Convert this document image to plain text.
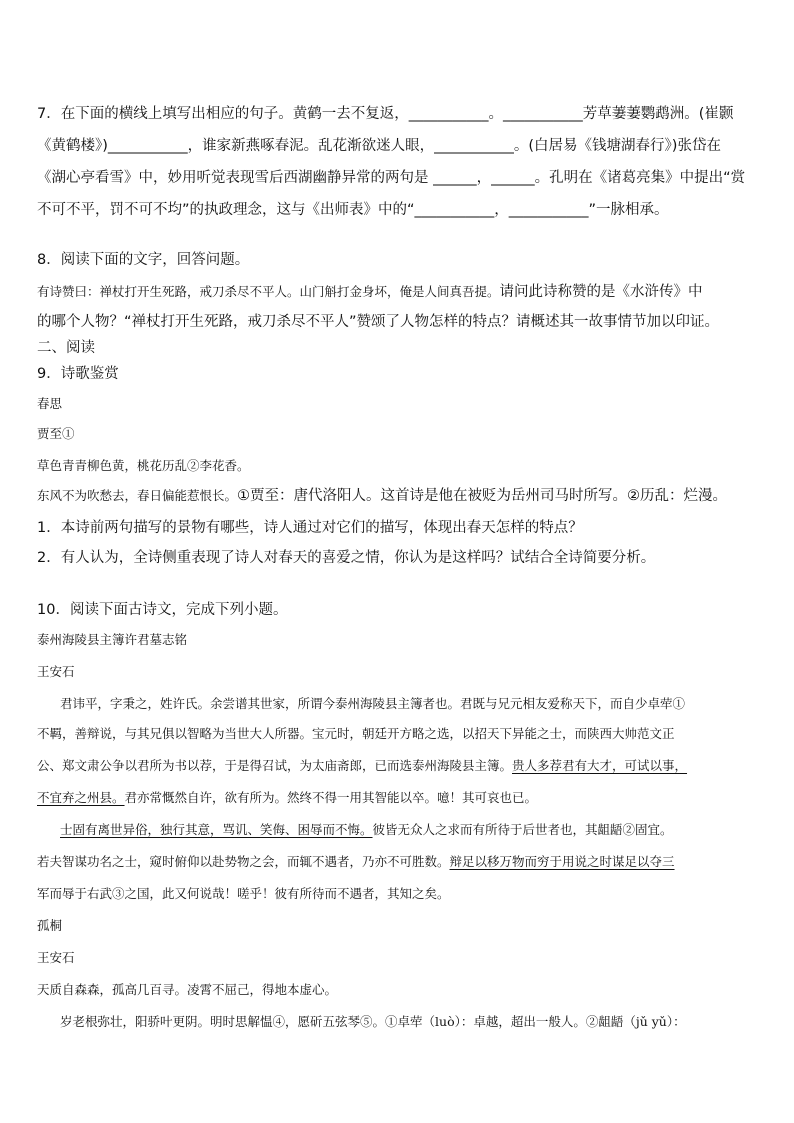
7．在下面的横线上填写出相应的句子。黄鹤一去不复返，___________。___________芳草萋萋鹦鹉洲。(崔颢
《黄鹤楼》)___________，谁家新燕啄春泥。乱花渐欲迷人眼，___________。(白居易《钱塘湖春行》)张岱在
《湖心亭看雪》中，妙用听觉表现雪后西湖幽静异常的两句是 ______，______。孔明在《诸葛亮集》中提出“赏
不可不平，罚不可不均”的执政理念，这与《出师表》中的“___________，___________”一脉相承。
8．阅读下面的文字，回答问题。
有诗赞曰：禅杖打开生死路，戒刀杀尽不平人。山门斛打金身坏，俺是人间真吾提。请问此诗称赞的是《水浒传》中
的哪个人物？“禅杖打开生死路，戒刀杀尽不平人”赞颂了人物怎样的特点？请概述其一故事情节加以印证。
二、阅读
9．诗歌鉴赏
春思
贾至①
草色青青柳色黄，桃花历乱②李花香。
东风不为吹愁去，春日偏能惹恨长。①贾至：唐代洛阳人。这首诗是他在被贬为岳州司马时所写。②历乱：烂漫。
1．本诗前两句描写的景物有哪些，诗人通过对它们的描写，体现出春天怎样的特点？
2．有人认为，全诗侧重表现了诗人对春天的喜爱之情，你认为是这样吗？试结合全诗简要分析。
10．阅读下面古诗文，完成下列小题。
泰州海陵县主簿许君墓志铭
王安石
君讳平，字秉之，姓许氏。余尝谱其世家，所谓今泰州海陵县主簿者也。君既与兄元相友爱称天下，而自少卓荦①
不羁，善辩说，与其兄俱以智略为当世大人所器。宝元时，朝廷开方略之选，以招天下异能之士，而陕西大帅范文正
公、郑文肃公争以君所为书以荐，于是得召试，为太庙斋郎，已而选泰州海陵县主簿。贵人多荐君有大才，可试以事，
不宜弃之州县。君亦常慨然自许，欲有所为。然终不得一用其智能以卒。噫！其可哀也已。
士固有离世异俗，独行其意，骂讥、笑侮、困辱而不悔。彼皆无众人之求而有所待于后世者也，其龃龉②固宜。
若夫智谋功名之士，窥时俯仰以赴势物之会，而辄不遇者，乃亦不可胜数。辩足以移万物而穷于用说之时谋足以夺三
军而辱于右武③之国，此又何说哉！嗟乎！彼有所待而不遇者，其知之矣。
孤桐
王安石
天质自森森，孤高几百寻。凌霄不屈己，得地本虚心。
岁老根弥壮，阳骄叶更阴。明时思解愠④，愿斫五弦琴⑤。①卓荦（luò）：卓越，超出一般人。②龃龉（jǔ yǔ）：
